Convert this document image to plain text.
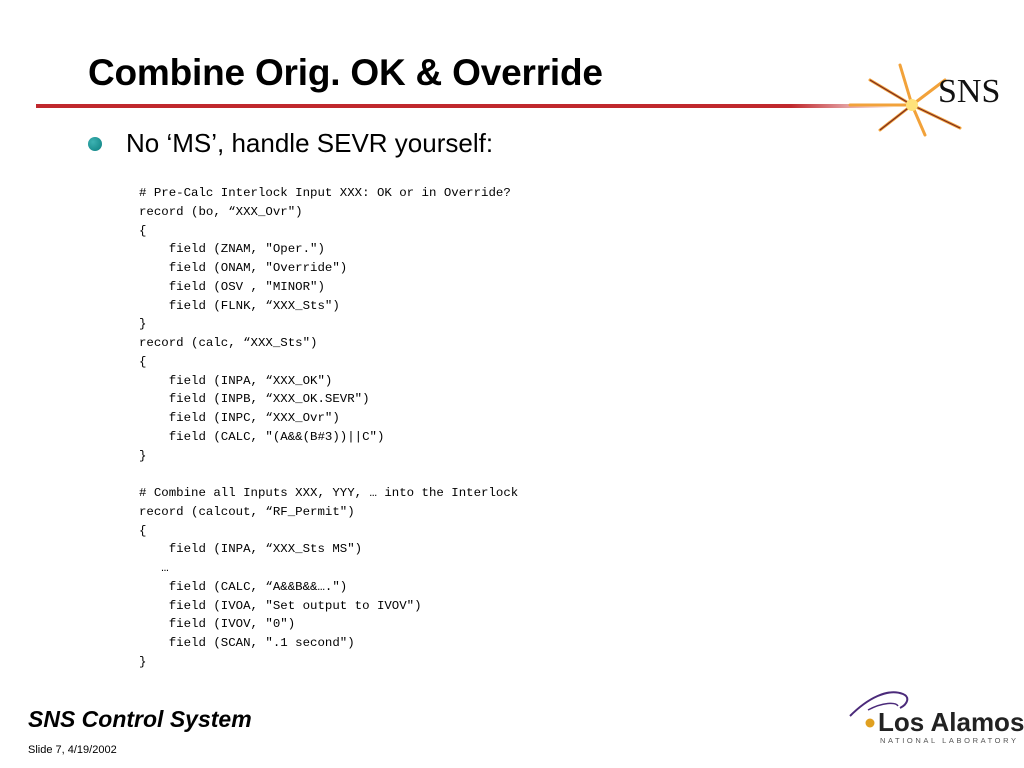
Combine Orig. OK & Override	SNS
No ‘MS’, handle SEVR yourself:
# Pre-Calc Interlock Input XXX: OK or in Override?
record (bo, “XXX_Ovr")
{
field (ZNAM, "Oper.")
field (ONAM, "Override")
field (OSV , "MINOR")
field (FLNK, “XXX_Sts")
}
record (calc, “XXX_Sts")
{
field (INPA, “XXX_OK")
field (INPB, “XXX_OK.SEVR")
field (INPC, “XXX_Ovr")
field (CALC, "(A&&(B#3))||C")
}

# Combine all Inputs XXX, YYY, … into the Interlock
record (calcout, “RF_Permit")
{
field (INPA, “XXX_Sts MS")
…
field (CALC, “A&&B&&….")
field (IVOA, "Set output to IVOV")
field (IVOV, "0")
field (SCAN, ".1 second")
}
SNS Control System
Slide 7, 4/19/2002
Los Alamos
NATIONAL LABORATORY
